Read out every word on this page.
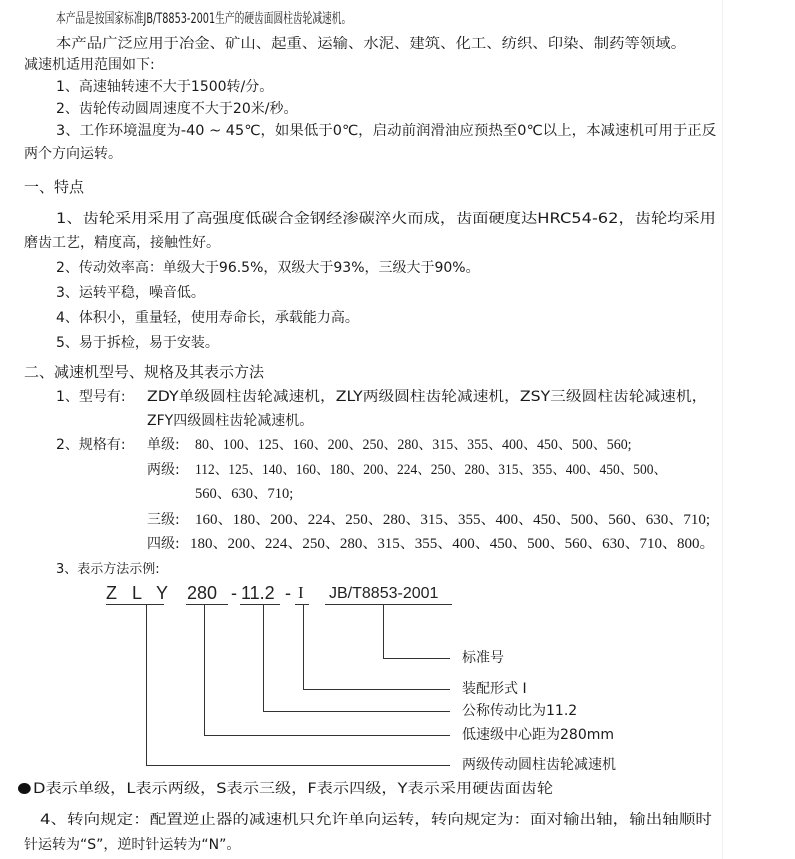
本产品是按国家标准JB/T8853-2001生产的硬齿面圆柱齿轮减速机。
本产品广泛应用于冶金、矿山、起重、运输、水泥、建筑、化工、纺织、印染、制药等领域。
减速机适用范围如下:
1、高速轴转速不大于1500转/分。
2、齿轮传动圆周速度不大于20米/秒。
3、工作环境温度为-40 ~ 45℃，如果低于0℃，启动前润滑油应预热至0℃以上，本减速机可用于正反
两个方向运转。
一、特点
1、齿轮采用采用了高强度低碳合金钢经渗碳淬火而成，齿面硬度达HRC54-62，齿轮均采用
磨齿工艺，精度高，接触性好。
2、传动效率高：单级大于96.5%，双级大于93%，三级大于90%。
3、运转平稳，噪音低。
4、体积小，重量轻，使用寿命长，承载能力高。
5、易于拆检，易于安装。
二、减速机型号、规格及其表示方法
1、型号有: ZDY单级圆柱齿轮减速机，ZLY两级圆柱齿轮减速机，ZSY三级圆柱齿轮减速机，
ZFY四级圆柱齿轮减速机。
2、规格有: 单级: 80、100、125、160、200、250、280、315、355、400、450、500、560;
两级: 112、125、140、160、180、200、224、250、280、315、355、400、450、500、
560、630、710;
三级: 160、180、200、224、250、280、315、355、400、450、500、560、630、710;
四级: 180、200、224、250、280、315、355、400、450、500、560、630、710、800。
3、表示方法示例:
Z L Y 280 - 11.2 - I JB/T8853-2001
标准号
装配形式 I
公称传动比为11.2
低速级中心距为280mm
两级传动圆柱齿轮减速机
D表示单级，L表示两级，S表示三级，F表示四级，Y表示采用硬齿面齿轮
4、转向规定：配置逆止器的减速机只允许单向运转，转向规定为：面对输出轴，输出轴顺时
针运转为“S”，逆时针运转为“N”。
